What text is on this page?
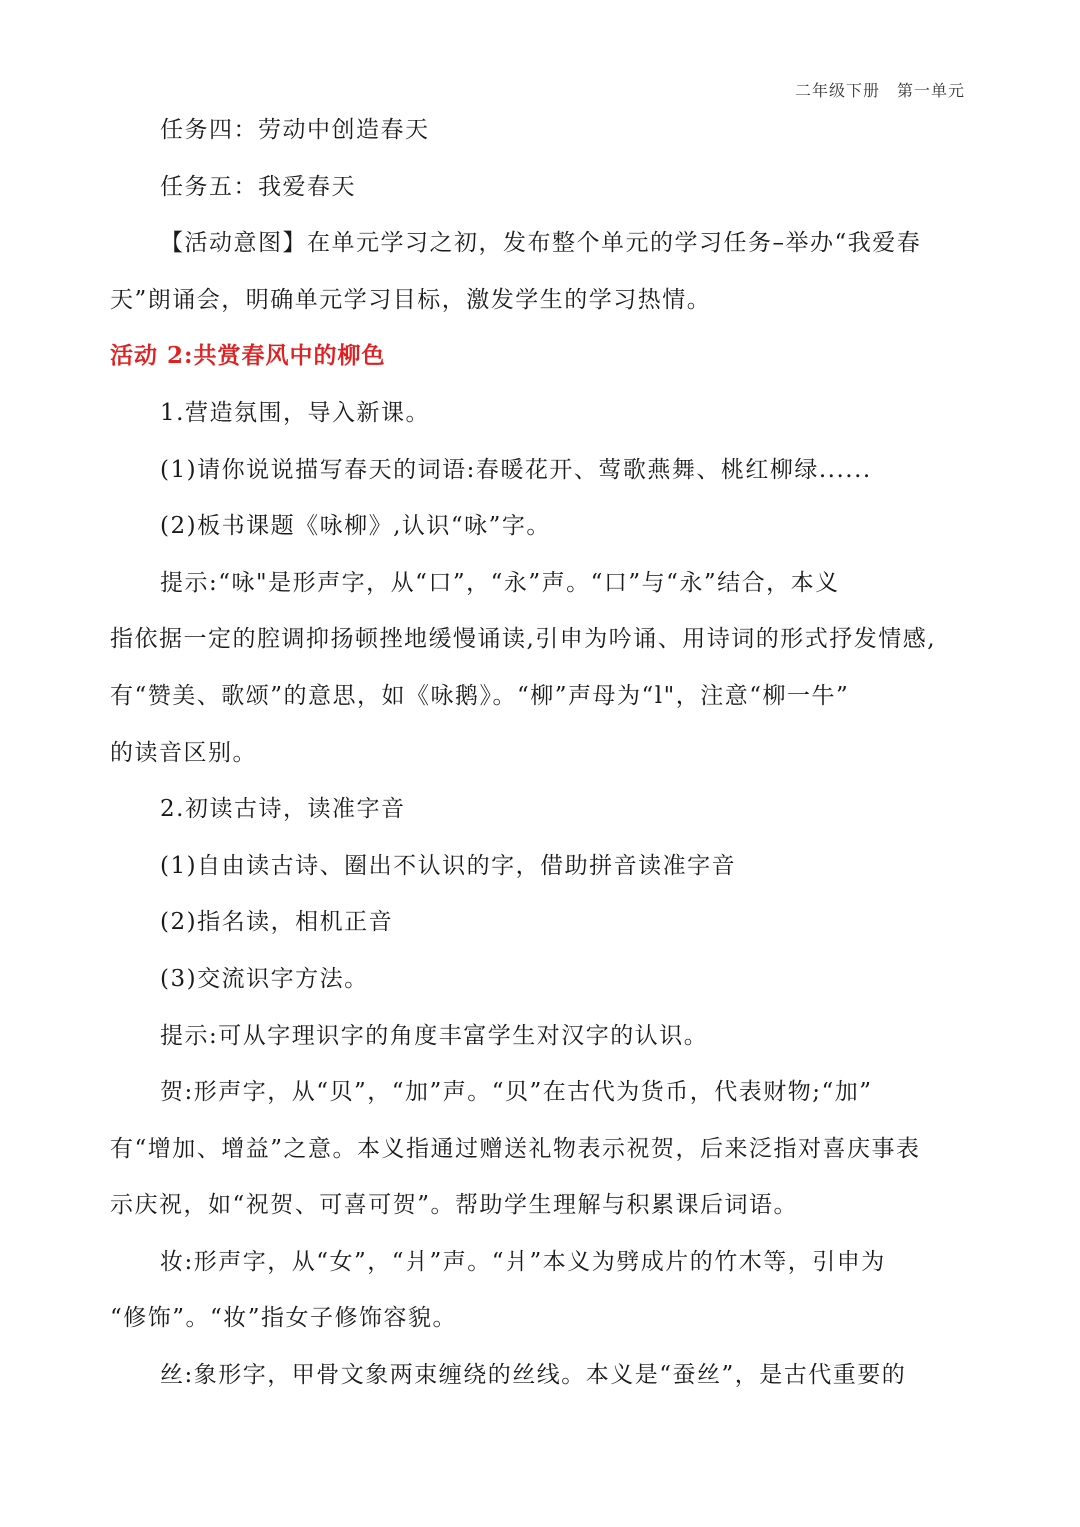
二年级下册　第一单元

任务四：劳动中创造春天

任务五：我爱春天

【活动意图】在单元学习之初，发布整个单元的学习任务–举办“我爱春
天”朗诵会，明确单元学习目标，激发学生的学习热情。

活动 2:共赏春风中的柳色

1.营造氛围，导入新课。

(1)请你说说描写春天的词语:春暖花开、莺歌燕舞、桃红柳绿......

(2)板书课题《咏柳》,认识“咏”字。

提示:“咏"是形声字，从“口”，“永”声。“口”与“永”结合，本义
指依据一定的腔调抑扬顿挫地缓慢诵读,引申为吟诵、用诗词的形式抒发情感,
有“赞美、歌颂”的意思，如《咏鹅》。“柳”声母为“l"，注意“柳一牛”
的读音区别。

2.初读古诗，读准字音

(1)自由读古诗、圈出不认识的字，借助拼音读准字音

(2)指名读，相机正音

(3)交流识字方法。

提示:可从字理识字的角度丰富学生对汉字的认识。

贺:形声字，从“贝”，“加”声。“贝”在古代为货币，代表财物;“加”
有“增加、增益”之意。本义指通过赠送礼物表示祝贺，后来泛指对喜庆事表
示庆祝，如“祝贺、可喜可贺”。帮助学生理解与积累课后词语。

妆:形声字，从“女”，“爿”声。“爿”本义为劈成片的竹木等，引申为
“修饰”。“妆”指女子修饰容貌。

丝:象形字，甲骨文象两束缠绕的丝线。本义是“蚕丝”，是古代重要的
